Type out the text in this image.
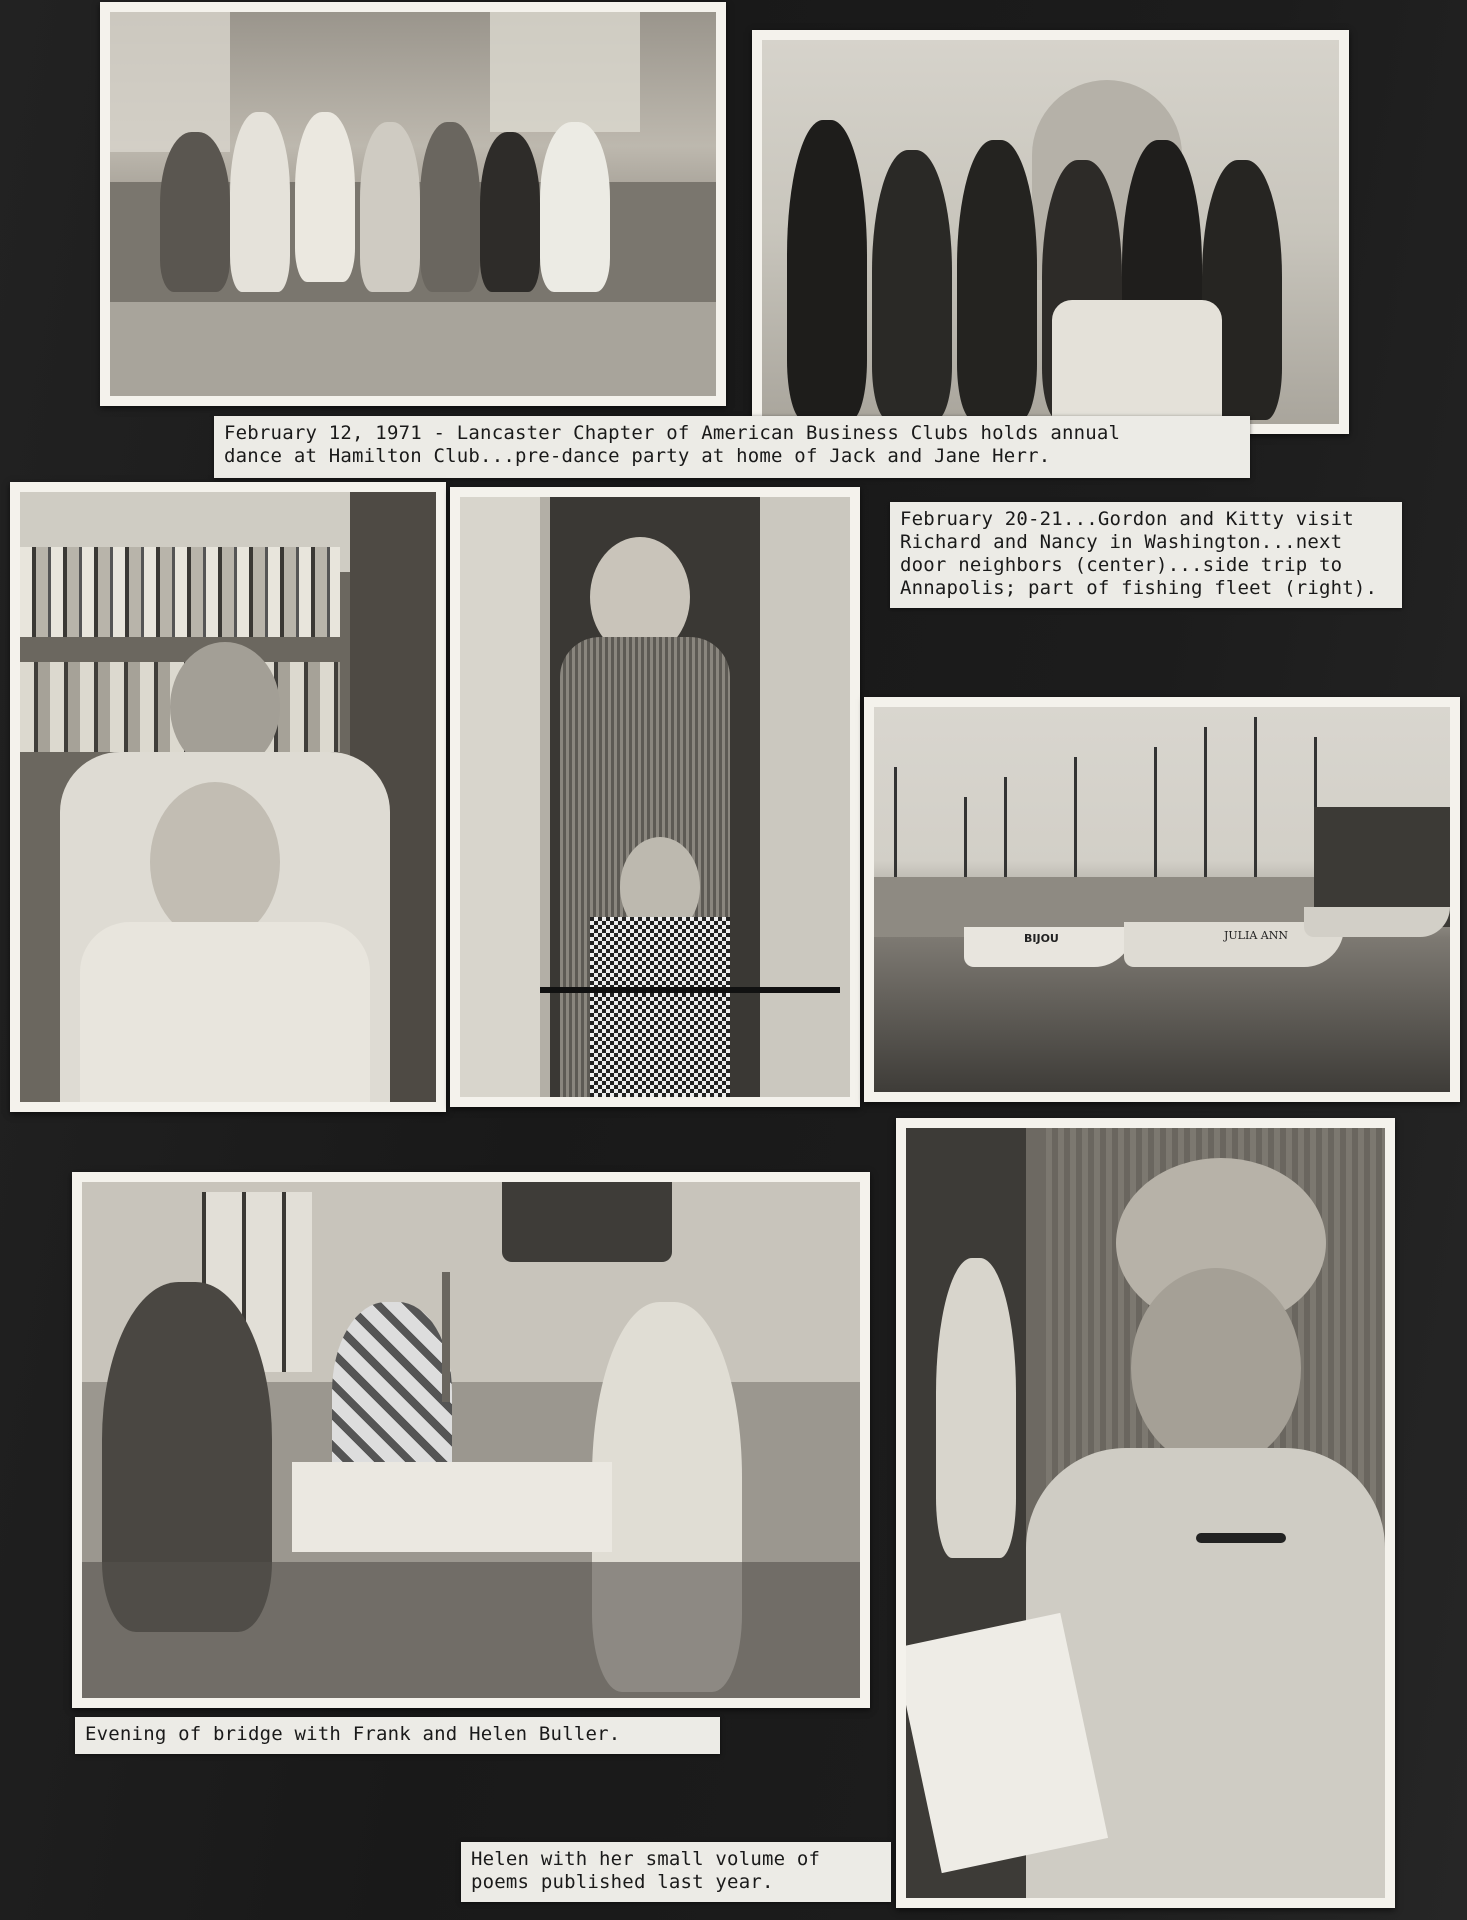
February 12, 1971 - Lancaster Chapter of American Business Clubs holds annual
dance at Hamilton Club...pre-dance party at home of Jack and Jane Herr.
February 20-21...Gordon and Kitty visit
Richard and Nancy in Washington...next
door neighbors (center)...side trip to
Annapolis; part of fishing fleet (right).
BIJOU	JULIA ANN
Evening of bridge with Frank and Helen Buller.
Helen with her small volume of
poems published last year.
